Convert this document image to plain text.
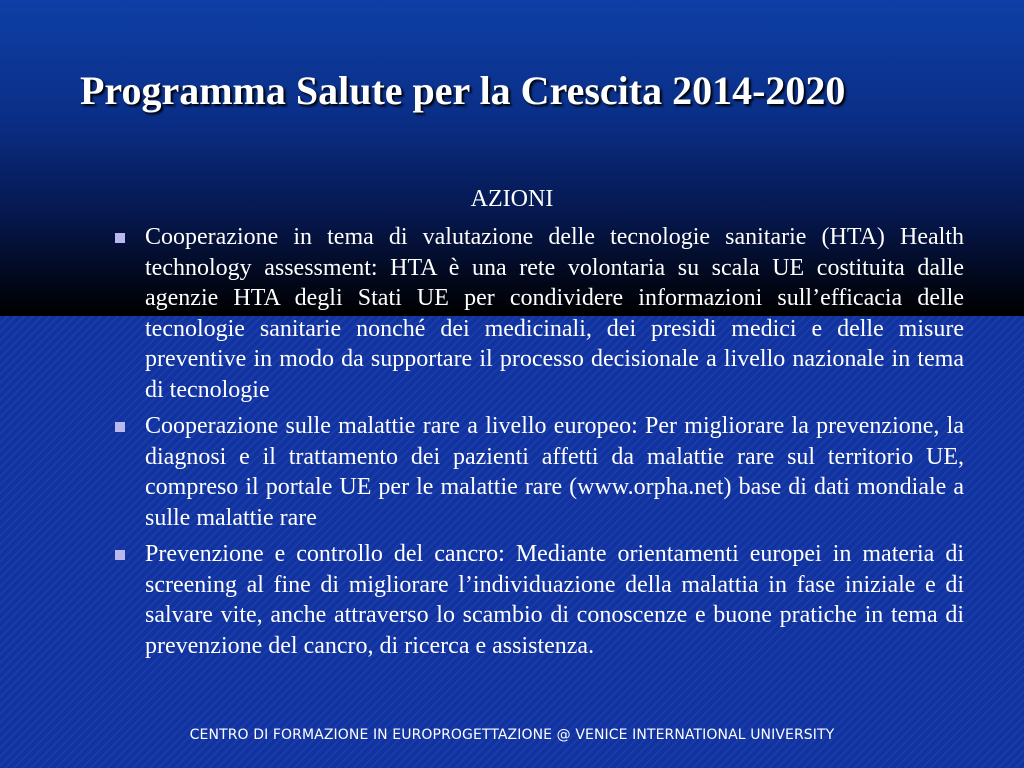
Programma Salute per la Crescita 2014-2020
AZIONI
Cooperazione in tema di valutazione delle tecnologie sanitarie (HTA) Health technology assessment: HTA è una rete volontaria su scala UE costituita dalle agenzie HTA degli Stati UE per condividere informazioni sull’efficacia delle tecnologie sanitarie nonché dei medicinali, dei presidi medici e delle misure preventive in modo da supportare il processo decisionale a livello nazionale in tema di tecnologie
Cooperazione sulle malattie rare a livello europeo: Per migliorare la prevenzione, la diagnosi e il trattamento dei pazienti affetti da malattie rare sul territorio UE, compreso il portale UE per le malattie rare (www.orpha.net) base di dati mondiale a sulle malattie rare
Prevenzione e controllo del cancro: Mediante orientamenti europei in materia di screening al fine di migliorare l’individuazione della malattia in fase iniziale e di salvare vite, anche attraverso lo scambio di conoscenze e buone pratiche in tema di prevenzione del cancro, di ricerca e assistenza.
CENTRO DI FORMAZIONE IN EUROPROGETTAZIONE @ VENICE INTERNATIONAL UNIVERSITY
